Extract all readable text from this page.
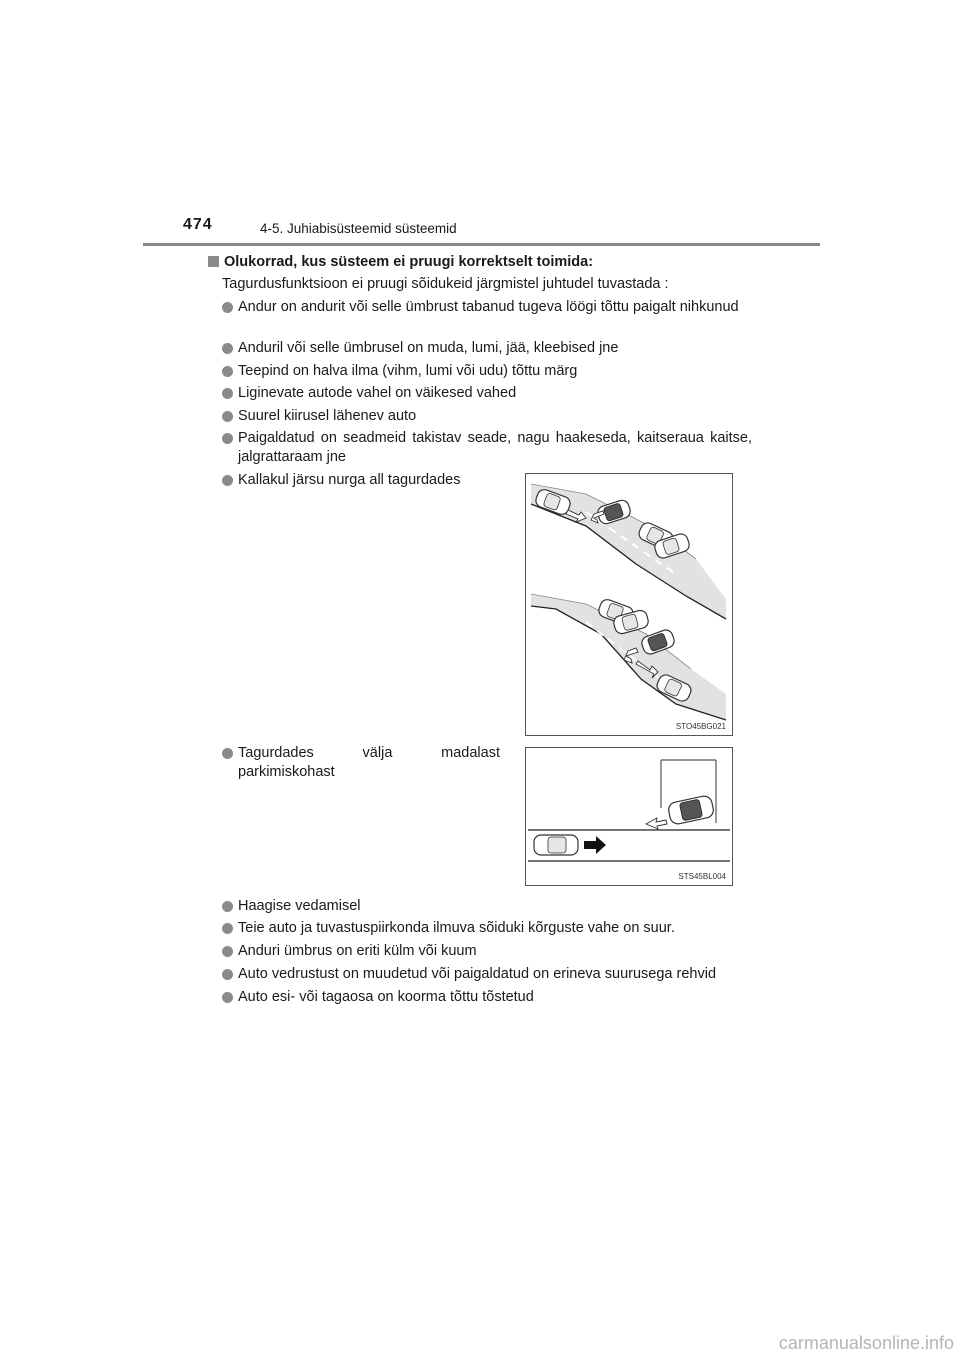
474	4-5. Juhiabisüsteemid süsteemid
Olukorrad, kus süsteem ei pruugi korrektselt toimida:
Tagurdusfunktsioon ei pruugi sõidukeid järgmistel juhtudel tuvastada :
Andur on andurit või selle ümbrust tabanud tugeva löögi tõttu paigalt nihkunud
Anduril või selle ümbrusel on muda, lumi, jää, kleebised jne
Teepind on halva ilma (vihm, lumi või udu) tõttu märg
Liginevate autode vahel on väikesed vahed
Suurel kiirusel lähenev auto
Paigaldatud on seadmeid takistav seade, nagu haakeseda, kaitseraua kaitse, jalgrattaraam jne
Kallakul järsu nurga all tagurdades
Tagurdades välja madalast parkimiskohast
Haagise vedamisel
Teie auto ja tuvastuspiirkonda ilmuva sõiduki kõrguste vahe on suur.
Anduri ümbrus on eriti külm või kuum
Auto vedrustust on muudetud või paigaldatud on erineva suurusega rehvid
Auto esi- või tagaosa on koorma tõttu tõstetud
STO45BG021
STS45BL004
carmanualsonline.info
